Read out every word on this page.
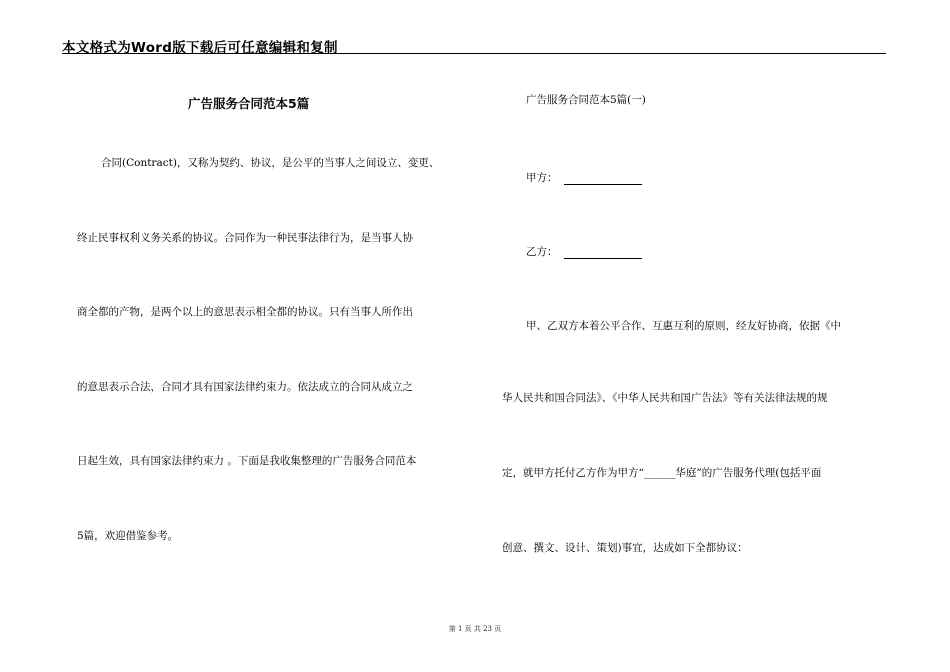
本文格式为Word版下载后可任意编辑和复制
广告服务合同范本5篇
合同(Contract)，又称为契约、协议，是公平的当事人之间设立、变更、
终止民事权利义务关系的协议。合同作为一种民事法律行为，是当事人协
商全都的产物，是两个以上的意思表示相全都的协议。只有当事人所作出
的意思表示合法，合同才具有国家法律约束力。依法成立的合同从成立之
日起生效，具有国家法律约束力 。下面是我收集整理的广告服务合同范本
5篇，欢迎借鉴参考。
广告服务合同范本5篇(一)
甲方：
乙方：
甲、乙双方本着公平合作、互惠互利的原则，经友好协商，依据《中
华人民共和国合同法》、《中华人民共和国广告法》等有关法律法规的规
定，就甲方托付乙方作为甲方“______华庭”的广告服务代理(包括平面
创意、撰文、设计、策划)事宜，达成如下全都协议：
第 1 页 共 23 页
